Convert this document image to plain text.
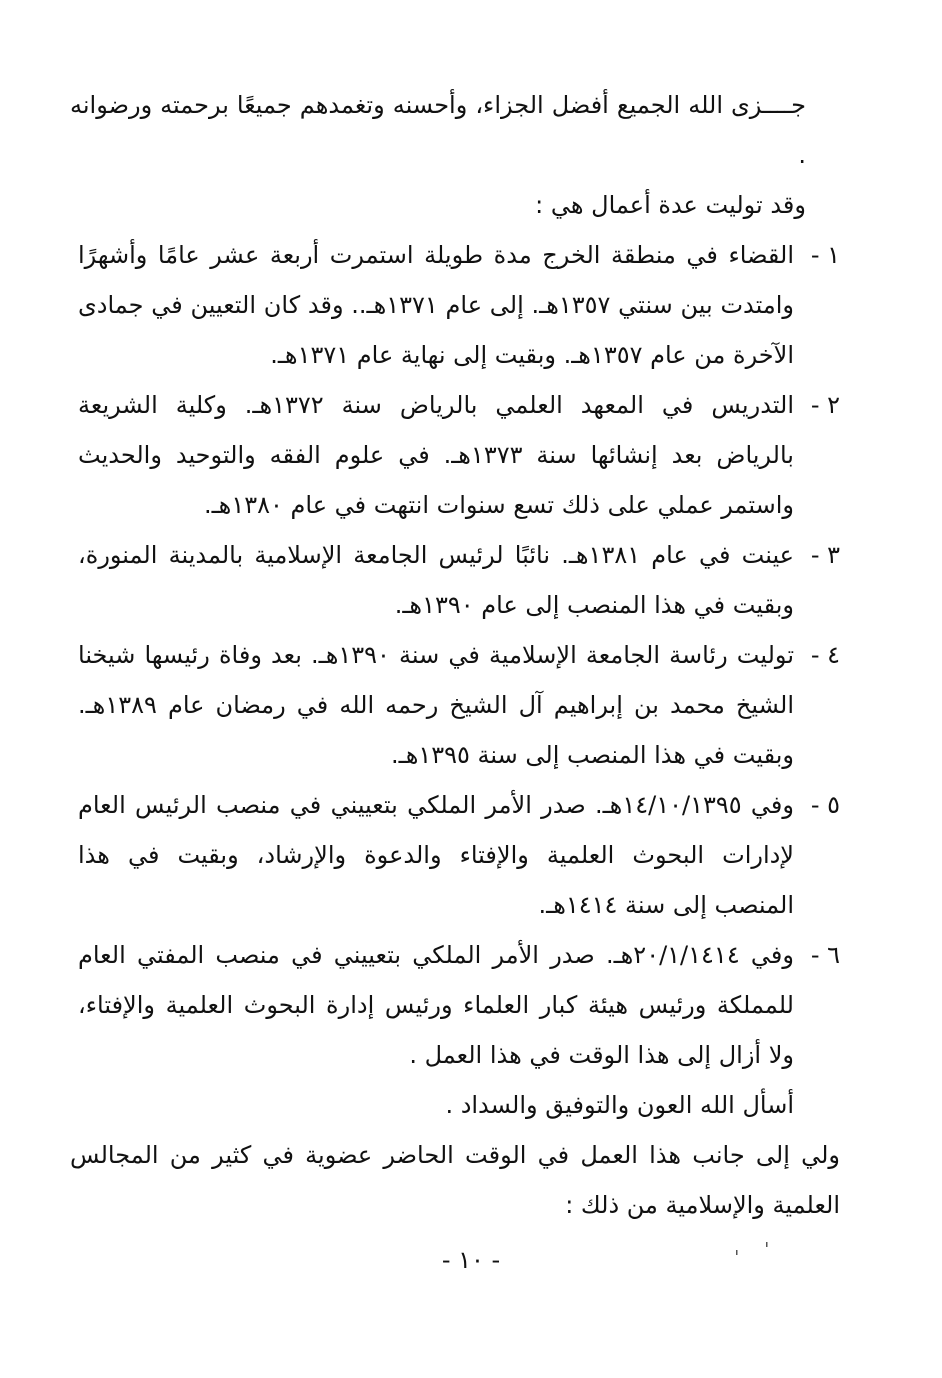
جــــزى الله الجميع أفضل الجزاء، وأحسنه وتغمدهم جميعًا برحمته ورضوانه .

وقد توليت عدة أعمال هي :

١ -
القضاء في منطقة الخرج مدة طويلة استمرت أربعة عشر عامًا وأشهرًا وامتدت بين سنتي ١٣٥٧هـ. إلى عام ١٣٧١هـ.. وقد كان التعيين في جمادى الآخرة من عام ١٣٥٧هـ. وبقيت إلى نهاية عام ١٣٧١هـ.
٢ -
التدريس في المعهد العلمي بالرياض سنة ١٣٧٢هـ. وكلية الشريعة بالرياض بعد إنشائها سنة ١٣٧٣هـ. في علوم الفقه والتوحيد والحديث واستمر عملي على ذلك تسع سنوات انتهت في عام ١٣٨٠هـ.
٣ -
عينت في عام ١٣٨١هـ. نائبًا لرئيس الجامعة الإسلامية بالمدينة المنورة، وبقيت في هذا المنصب إلى عام ١٣٩٠هـ.
٤ -
توليت رئاسة الجامعة الإسلامية في سنة ١٣٩٠هـ. بعد وفاة رئيسها شيخنا الشيخ محمد بن إبراهيم آل الشيخ رحمه الله في رمضان عام ١٣٨٩هـ. وبقيت في هذا المنصب إلى سنة ١٣٩٥هـ.
٥ -
وفي ١٤/١٠/١٣٩٥هـ. صدر الأمر الملكي بتعييني في منصب الرئيس العام لإدارات البحوث العلمية والإفتاء والدعوة والإرشاد، وبقيت في هذا المنصب إلى سنة ١٤١٤هـ.
٦ -
وفي ٢٠/١/١٤١٤هـ. صدر الأمر الملكي بتعييني في منصب المفتي العام للمملكة ورئيس هيئة كبار العلماء ورئيس إدارة البحوث العلمية والإفتاء، ولا أزال إلى هذا الوقت في هذا العمل .

أسأل الله العون والتوفيق والسداد .

ولي إلى جانب هذا العمل في الوقت الحاضر عضوية في كثير من المجالس العلمية والإسلامية من ذلك :

- ١٠ -
